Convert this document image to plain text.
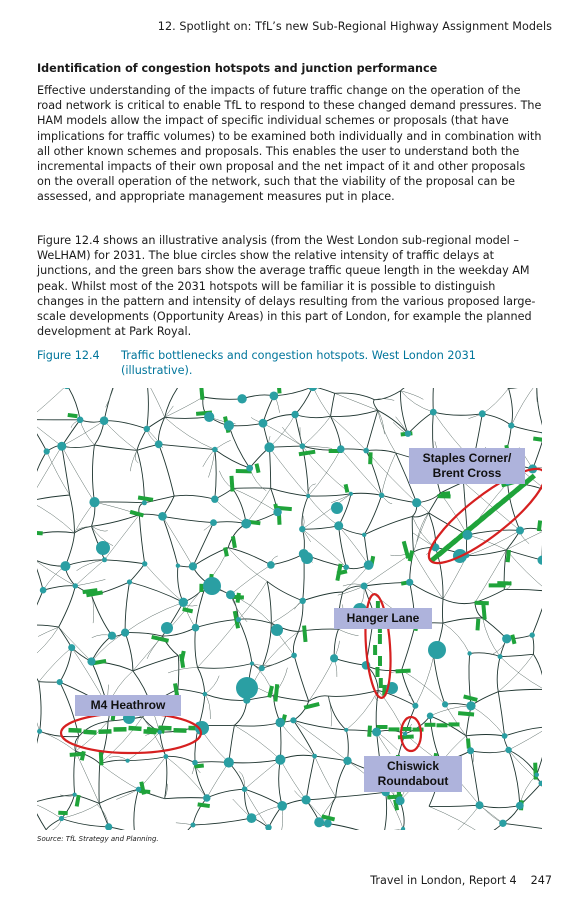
12. Spotlight on: TfL’s new Sub-Regional Highway Assignment Models
Identification of congestion hotspots and junction performance

Effective understanding of the impacts of future traffic change on the operation of the road network is critical to enable TfL to respond to these changed demand pressures. The HAM models allow the impact of specific individual schemes or proposals (that have implications for traffic volumes) to be examined both individually and in combination with all other known schemes and proposals. This enables the user to understand both the incremental impacts of their own proposal and the net impact of it and other proposals on the overall operation of the network, such that the viability of the proposal can be assessed, and appropriate management measures put in place.

Figure 12.4 shows an illustrative analysis (from the West London sub-regional model – WeLHAM) for 2031. The blue circles show the relative intensity of traffic delays at junctions, and the green bars show the average traffic queue length in the weekday AM peak. Whilst most of the 2031 hotspots will be familiar it is possible to distinguish changes in the pattern and intensity of delays resulting from the various proposed large-scale developments (Opportunity Areas) in this part of London, for example the planned development at Park Royal.

Figure 12.4 Traffic bottlenecks and congestion hotspots. West London 2031 (illustrative).
Staples Corner/ Brent Cross
Hanger Lane
M4 Heathrow
Chiswick Roundabout
Source: TfL Strategy and Planning.
Travel in London, Report 4 247
